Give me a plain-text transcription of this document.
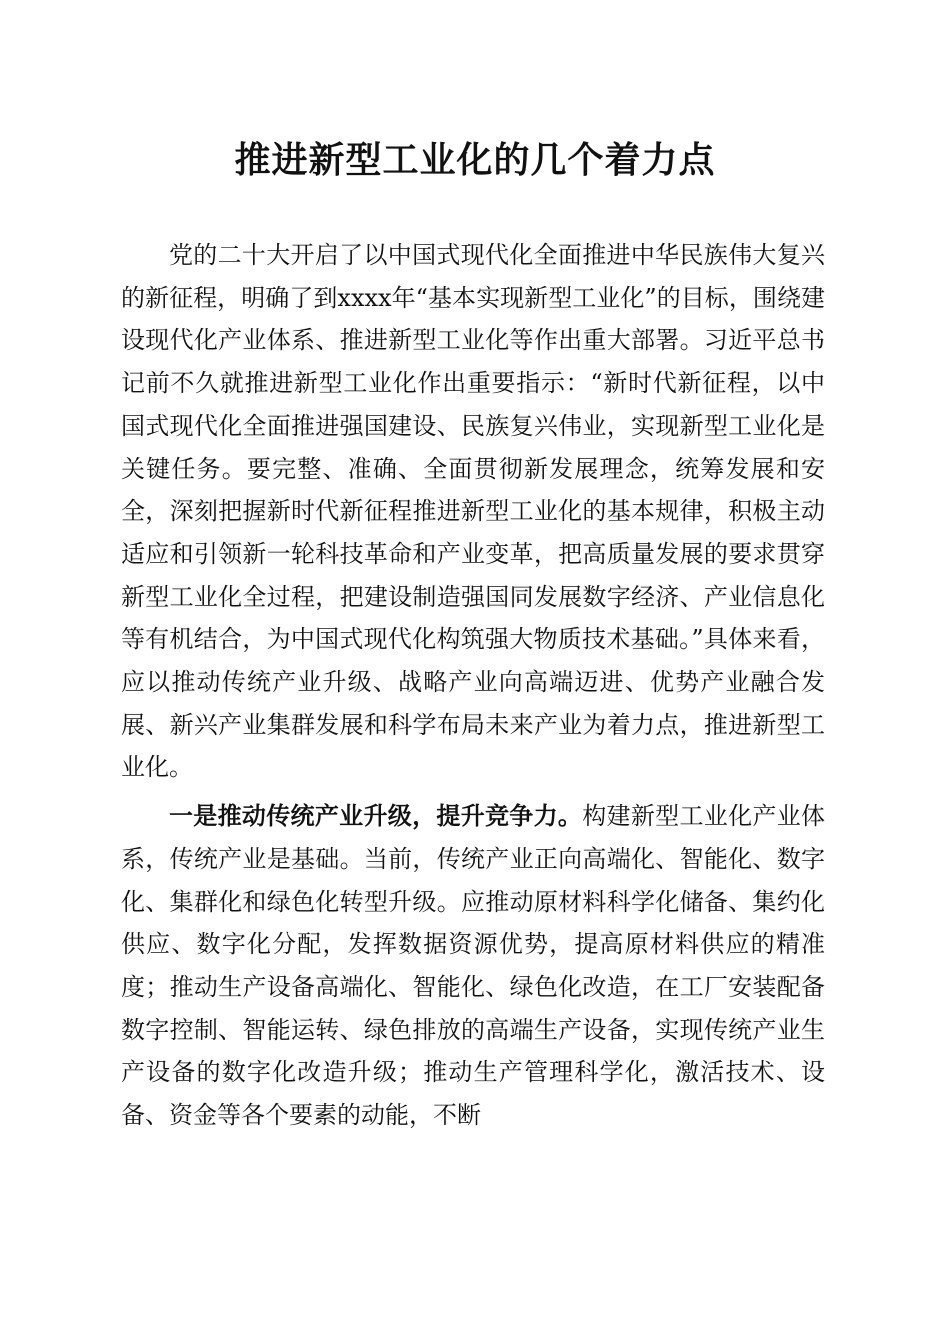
推进新型工业化的几个着力点

党的二十大开启了以中国式现代化全面推进中华民族伟大复兴的新征程，明确了到xxxx年“基本实现新型工业化”的目标，围绕建设现代化产业体系、推进新型工业化等作出重大部署。习近平总书记前不久就推进新型工业化作出重要指示：“新时代新征程，以中国式现代化全面推进强国建设、民族复兴伟业，实现新型工业化是关键任务。要完整、准确、全面贯彻新发展理念，统筹发展和安全，深刻把握新时代新征程推进新型工业化的基本规律，积极主动适应和引领新一轮科技革命和产业变革，把高质量发展的要求贯穿新型工业化全过程，把建设制造强国同发展数字经济、产业信息化等有机结合，为中国式现代化构筑强大物质技术基础。”具体来看，应以推动传统产业升级、战略产业向高端迈进、优势产业融合发展、新兴产业集群发展和科学布局未来产业为着力点，推进新型工业化。

一是推动传统产业升级，提升竞争力。构建新型工业化产业体系，传统产业是基础。当前，传统产业正向高端化、智能化、数字化、集群化和绿色化转型升级。应推动原材料科学化储备、集约化供应、数字化分配，发挥数据资源优势，提高原材料供应的精准度；推动生产设备高端化、智能化、绿色化改造，在工厂安装配备数字控制、智能运转、绿色排放的高端生产设备，实现传统产业生产设备的数字化改造升级；推动生产管理科学化，激活技术、设备、资金等各个要素的动能，不断
